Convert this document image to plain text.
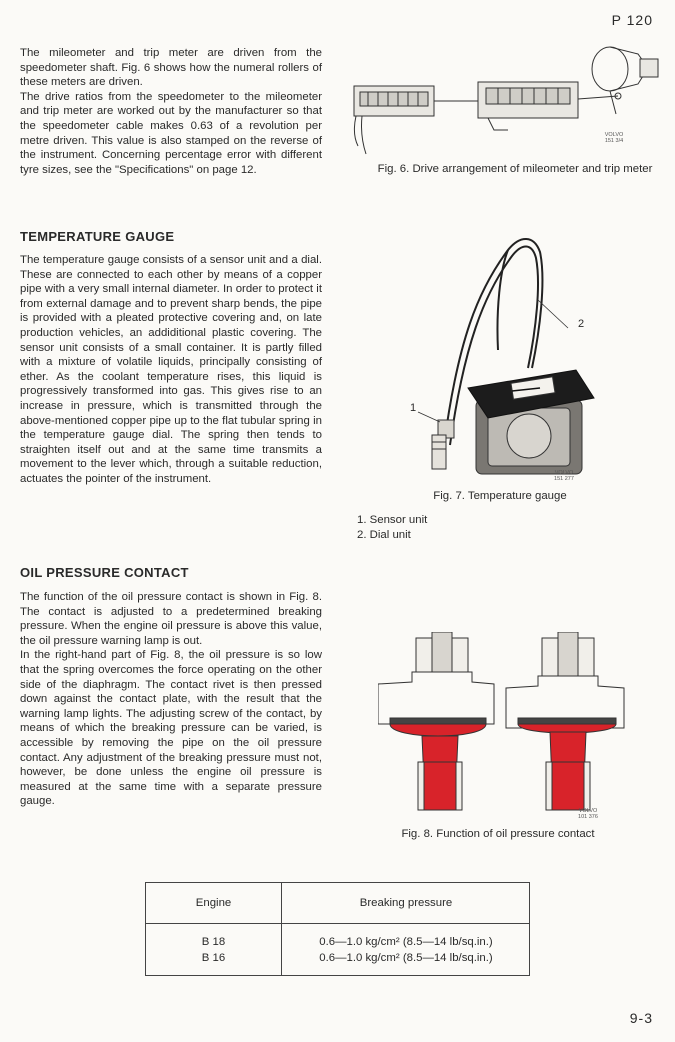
P 120

The mileometer and trip meter are driven from the speedometer shaft. Fig. 6 shows how the numeral rollers of these meters are driven.

The drive ratios from the speedometer to the mileometer and trip meter are worked out by the manufacturer so that the speedometer cable makes 0.63 of a revolution per metre driven. This value is also stamped on the reverse of the instrument. Concerning percentage error with different tyre sizes, see the "Specifications" on page 12.

VOLVO
151 3/4
Fig. 6. Drive arrangement of mileometer and trip meter
TEMPERATURE GAUGE

The temperature gauge consists of a sensor unit and a dial. These are connected to each other by means of a copper pipe with a very small internal diameter. In order to protect it from external damage and to prevent sharp bends, the pipe is provided with a pleated protective covering and, on late production vehicles, an addiditional plastic covering. The sensor unit consists of a small container. It is partly filled with a mixture of volatile liquids, principally consisting of ether. As the coolant temperature rises, this liquid is progressively transformed into gas. This gives rise to an increase in pressure, which is transmitted through the above-mentioned copper pipe up to the flat tubular spring in the temperature gauge dial. The spring then tends to straighten itself out and at the same time transmits a movement to the lever which, through a suitable reduction, actuates the pointer of the instrument.

2
1
VOLVO
151 277
Fig. 7. Temperature gauge
1. Sensor unit
2. Dial unit
OIL PRESSURE CONTACT

The function of the oil pressure contact is shown in Fig. 8. The contact is adjusted to a predetermined breaking pressure. When the engine oil pressure is above this value, the oil pressure warning lamp is out.

In the right-hand part of Fig. 8, the oil pressure is so low that the spring overcomes the force operating on the other side of the diaphragm. The contact rivet is then pressed down against the contact plate, with the result that the warning lamp lights. The adjusting screw of the contact, by means of which the breaking pressure can be varied, is accessible by removing the pipe on the oil pressure contact. Any adjustment of the breaking pressure must not, however, be done unless the engine oil pressure is measured at the same time with a separate pressure gauge.

VOLVO
101 376
Fig. 8. Function of oil pressure contact
Engine	Breaking pressure
B 18	0.6—1.0 kg/cm² (8.5—14 lb/sq.in.)
B 16	0.6—1.0 kg/cm² (8.5—14 lb/sq.in.)
9-3
